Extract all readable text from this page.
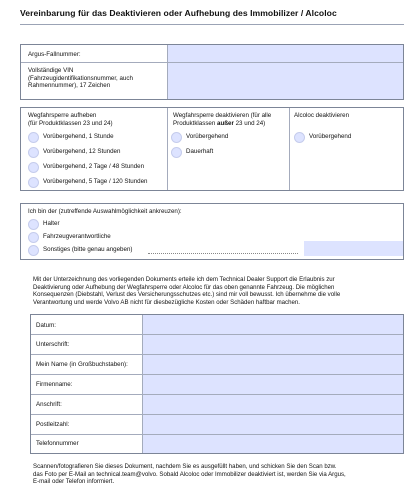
Vereinbarung für das Deaktivieren oder Aufhebung des Immobilizer / Alcoloc
Argus-Fallnummer:
Vollständige VIN
(Fahrzeugidentifikationsnummer, auch
Rahmennummer), 17 Zeichen
Wegfahrsperre aufheben
(für Produktklassen 23 und 24)
Vorübergehend, 1 Stunde
Vorübergehend, 12 Stunden
Vorübergehend, 2 Tage / 48 Stunden
Vorübergehend, 5 Tage / 120 Stunden
Wegfahrsperre deaktivieren (für alle
Produktklassen außer 23 und 24)
Vorübergehend
Dauerhaft
Alcoloc deaktivieren
Vorübergehend
Ich bin der (zutreffende Auswahlmöglichkeit ankreuzen):
Halter
Fahrzeugverantwortliche
Sonstiges (bitte genau angeben)
Mit der Unterzeichnung des vorliegenden Dokuments erteile ich dem Technical Dealer Support die Erlaubnis zur
Deaktivierung oder Aufhebung der Wegfahrsperre oder Alcoloc für das oben genannte Fahrzeug. Die möglichen
Konsequenzen (Diebstahl, Verlust des Versicherungsschutzes etc.) sind mir voll bewusst. Ich übernehme die volle
Verantwortung und werde Volvo AB nicht für diesbezügliche Kosten oder Schäden haftbar machen.
Datum:
Unterschrift:
Mein Name (in Großbuchstaben):
Firmenname:
Anschrift:
Postleitzahl:
Telefonnummer
Scannen/fotografieren Sie dieses Dokument, nachdem Sie es ausgefüllt haben, und schicken Sie den Scan bzw.
das Foto per E-Mail an technical.team@volvo. Sobald Alcoloc oder Immobilizer deaktiviert ist, werden Sie via Argus,
E-mail oder Telefon informiert.
